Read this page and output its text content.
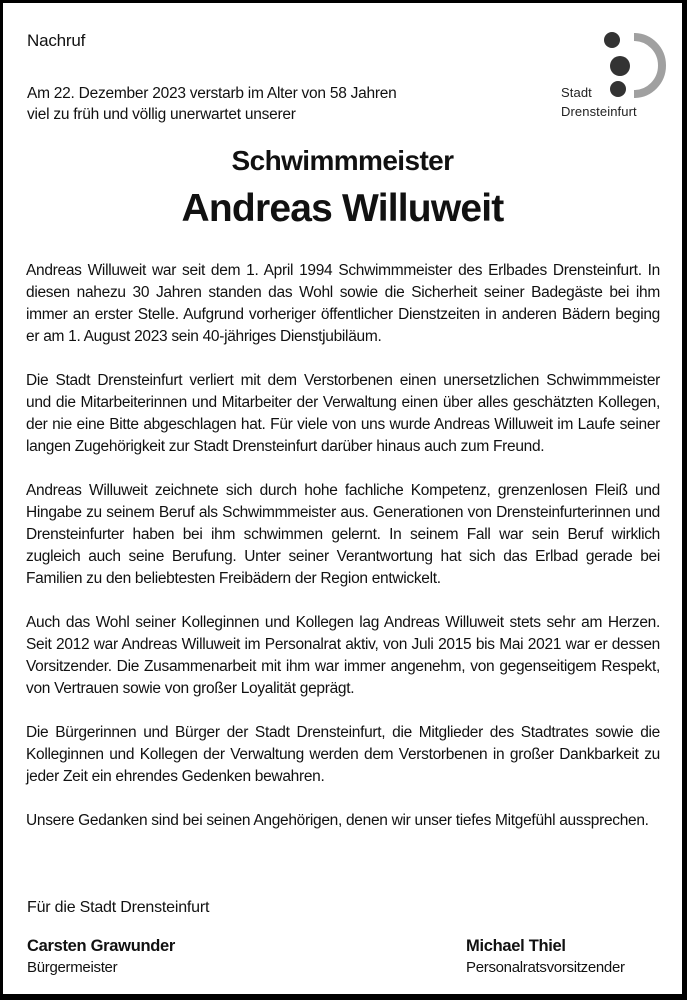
Nachruf
Am 22. Dezember 2023 verstarb im Alter von 58 Jahren
viel zu früh und völlig unerwartet unserer
Stadt
Drensteinfurt
Schwimmmeister
Andreas Willuweit

Andreas Willuweit war seit dem 1. April 1994 Schwimmmeister des Erlbades Drensteinfurt. In diesen nahezu 30 Jahren standen das Wohl sowie die Sicherheit seiner Badegäste bei ihm immer an erster Stelle. Aufgrund vorheriger öffentlicher Dienstzeiten in anderen Bädern beging er am 1. August 2023 sein 40-jähriges Dienstjubiläum.

Die Stadt Drensteinfurt verliert mit dem Verstorbenen einen unersetzlichen Schwimmmeister und die Mitarbeiterinnen und Mitarbeiter der Verwaltung einen über alles geschätzten Kollegen, der nie eine Bitte abgeschlagen hat. Für viele von uns wurde Andreas Willuweit im Laufe seiner langen Zugehörigkeit zur Stadt Drensteinfurt darüber hinaus auch zum Freund.

Andreas Willuweit zeichnete sich durch hohe fachliche Kompetenz, grenzenlosen Fleiß und Hingabe zu seinem Beruf als Schwimmmeister aus. Generationen von Drensteinfurterinnen und Drensteinfurter haben bei ihm schwimmen gelernt. In seinem Fall war sein Beruf wirklich zugleich auch seine Berufung. Unter seiner Verantwortung hat sich das Erlbad gerade bei Familien zu den beliebtesten Freibädern der Region entwickelt.

Auch das Wohl seiner Kolleginnen und Kollegen lag Andreas Willuweit stets sehr am Herzen. Seit 2012 war Andreas Willuweit im Personalrat aktiv, von Juli 2015 bis Mai 2021 war er dessen Vorsitzender. Die Zusammenarbeit mit ihm war immer angenehm, von gegenseitigem Respekt, von Vertrauen sowie von großer Loyalität geprägt.

Die Bürgerinnen und Bürger der Stadt Drensteinfurt, die Mitglieder des Stadtrates sowie die Kolleginnen und Kollegen der Verwaltung werden dem Verstorbenen in großer Dankbarkeit zu jeder Zeit ein ehrendes Gedenken bewahren.

Unsere Gedanken sind bei seinen Angehörigen, denen wir unser tiefes Mitgefühl aussprechen.

Für die Stadt Drensteinfurt
Carsten Grawunder
Bürgermeister
Michael Thiel
Personalratsvorsitzender
